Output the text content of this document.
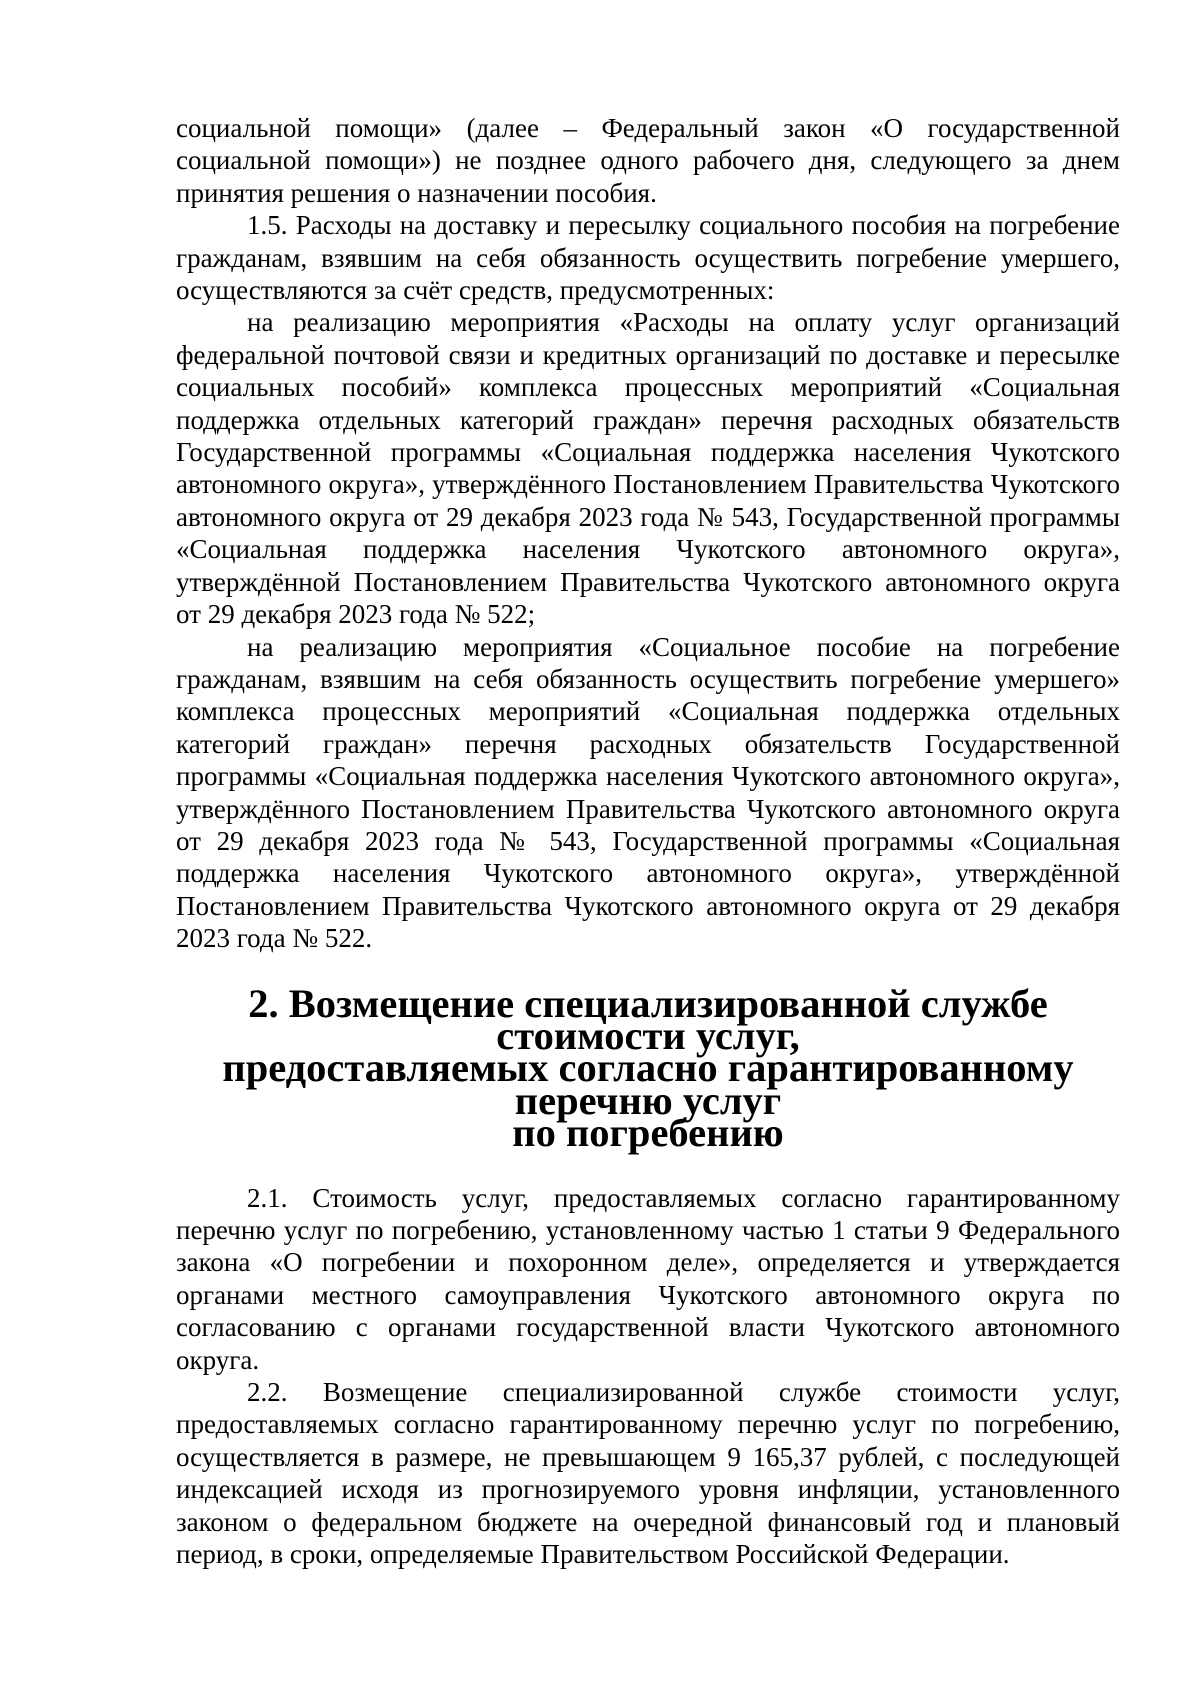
социальной помощи» (далее – Федеральный закон «О государственной социальной помощи») не позднее одного рабочего дня, следующего за днем принятия решения о назначении пособия.

1.5. Расходы на доставку и пересылку социального пособия на погребение гражданам, взявшим на себя обязанность осуществить погребение умершего, осуществляются за счёт средств, предусмотренных:

на реализацию мероприятия «Расходы на оплату услуг организаций федеральной почтовой связи и кредитных организаций по доставке и пересылке социальных пособий» комплекса процессных мероприятий «Социальная поддержка отдельных категорий граждан» перечня расходных обязательств Государственной программы «Социальная поддержка населения Чукотского автономного округа», утверждённого Постановлением Правительства Чукотского автономного округа от 29 декабря 2023 года № 543, Государственной программы «Социальная поддержка населения Чукотского автономного округа», утверждённой Постановлением Правительства Чукотского автономного округа от 29 декабря 2023 года № 522;

на реализацию мероприятия «Социальное пособие на погребение гражданам, взявшим на себя обязанность осуществить погребение умершего» комплекса процессных мероприятий «Социальная поддержка отдельных категорий граждан» перечня расходных обязательств Государственной программы «Социальная поддержка населения Чукотского автономного округа», утверждённого Постановлением Правительства Чукотского автономного округа от 29 декабря 2023 года № 543, Государственной программы «Социальная поддержка населения Чукотского автономного округа», утверждённой Постановлением Правительства Чукотского автономного округа от 29 декабря 2023 года № 522.

2. Возмещение специализированной службе стоимости услуг,
предоставляемых согласно гарантированному перечню услуг
по погребению

2.1. Стоимость услуг, предоставляемых согласно гарантированному перечню услуг по погребению, установленному частью 1 статьи 9 Федерального закона «О погребении и похоронном деле», определяется и утверждается органами местного самоуправления Чукотского автономного округа по согласованию с органами государственной власти Чукотского автономного округа.

2.2. Возмещение специализированной службе стоимости услуг, предоставляемых согласно гарантированному перечню услуг по погребению, осуществляется в размере, не превышающем 9 165,37 рублей, с последующей индексацией исходя из прогнозируемого уровня инфляции, установленного законом о федеральном бюджете на очередной финансовый год и плановый период, в сроки, определяемые Правительством Российской Федерации.
